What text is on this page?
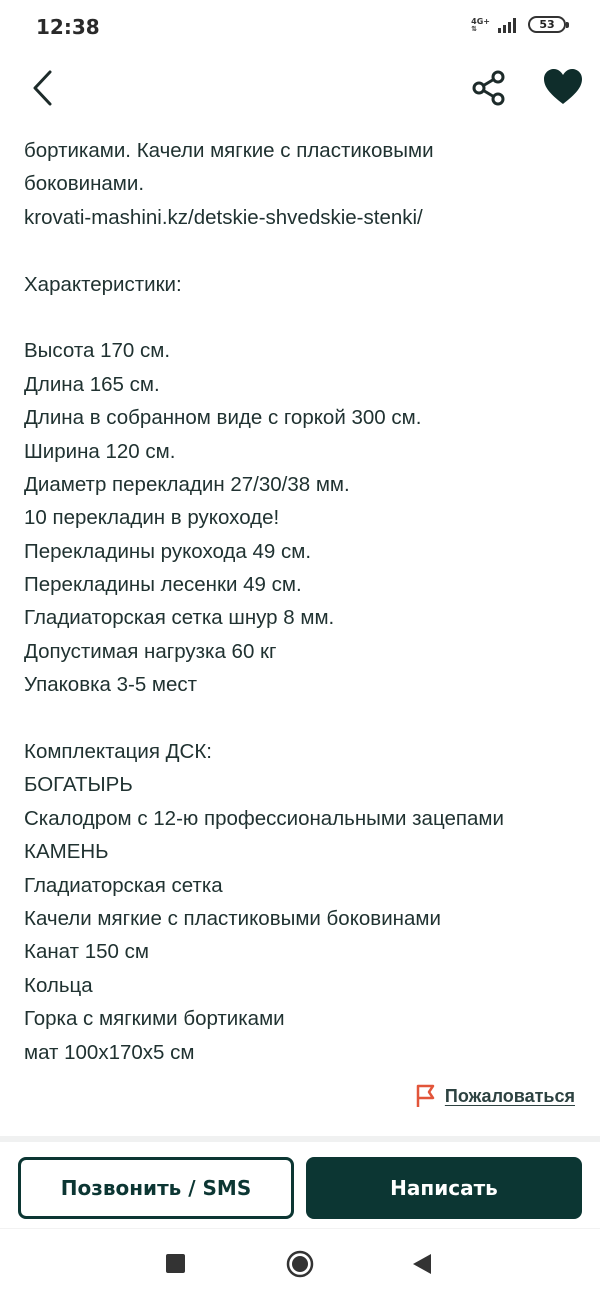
12:38	4G+
⇅	53
бортиками. Качели мягкие с пластиковыми
боковинами.
krovati-mashini.kz/detskie-shvedskie-stenki/
Характеристики:
Высота 170 см.
Длина 165 см.
Длина в собранном виде с горкой 300 см.
Ширина 120 см.
Диаметр перекладин 27/30/38 мм.
10 перекладин в рукоходе!
Перекладины рукохода 49 см.
Перекладины лесенки 49 см.
Гладиаторская сетка шнур 8 мм.
Допустимая нагрузка 60 кг
Упаковка 3-5 мест
Комплектация ДСК:
БОГАТЫРЬ
Скалодром с 12-ю профессиональными зацепами
КАМЕНЬ
Гладиаторская сетка
Качели мягкие с пластиковыми боковинами
Канат 150 см
Кольца
Горка с мягкими бортиками
мат 100х170х5 см
Пожаловаться
Позвонить / SMS	Написать
